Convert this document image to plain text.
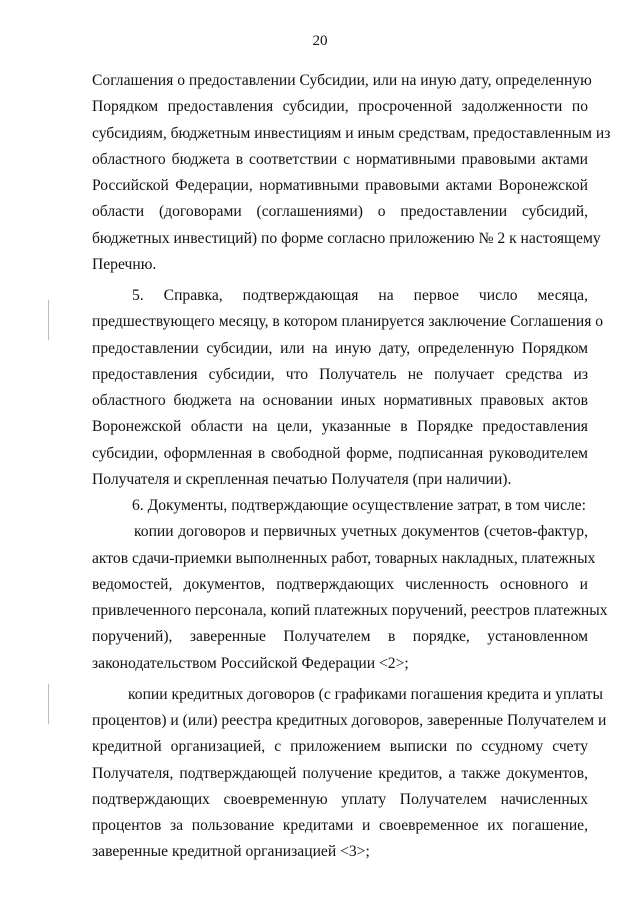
20
Соглашения о предоставлении Субсидии, или на иную дату, определенную
Порядком предоставления субсидии, просроченной задолженности по
субсидиям, бюджетным инвестициям и иным средствам, предоставленным из
областного бюджета в соответствии с нормативными правовыми актами
Российской Федерации, нормативными правовыми актами Воронежской
области (договорами (соглашениями) о предоставлении субсидий,
бюджетных инвестиций) по форме согласно приложению № 2 к настоящему
Перечню.
5. Справка, подтверждающая на первое число месяца,
предшествующего месяцу, в котором планируется заключение Соглашения о
предоставлении субсидии, или на иную дату, определенную Порядком
предоставления субсидии, что Получатель не получает средства из
областного бюджета на основании иных нормативных правовых актов
Воронежской области на цели, указанные в Порядке предоставления
субсидии, оформленная в свободной форме, подписанная руководителем
Получателя и скрепленная печатью Получателя (при наличии).
6. Документы, подтверждающие осуществление затрат, в том числе:
копии договоров и первичных учетных документов (счетов-фактур,
актов сдачи-приемки выполненных работ, товарных накладных, платежных
ведомостей, документов, подтверждающих численность основного и
привлеченного персонала, копий платежных поручений, реестров платежных
поручений), заверенные Получателем в порядке, установленном
законодательством Российской Федерации <2>;
копии кредитных договоров (с графиками погашения кредита и уплаты
процентов) и (или) реестра кредитных договоров, заверенные Получателем и
кредитной организацией, с приложением выписки по ссудному счету
Получателя, подтверждающей получение кредитов, а также документов,
подтверждающих своевременную уплату Получателем начисленных
процентов за пользование кредитами и своевременное их погашение,
заверенные кредитной организацией <3>;
